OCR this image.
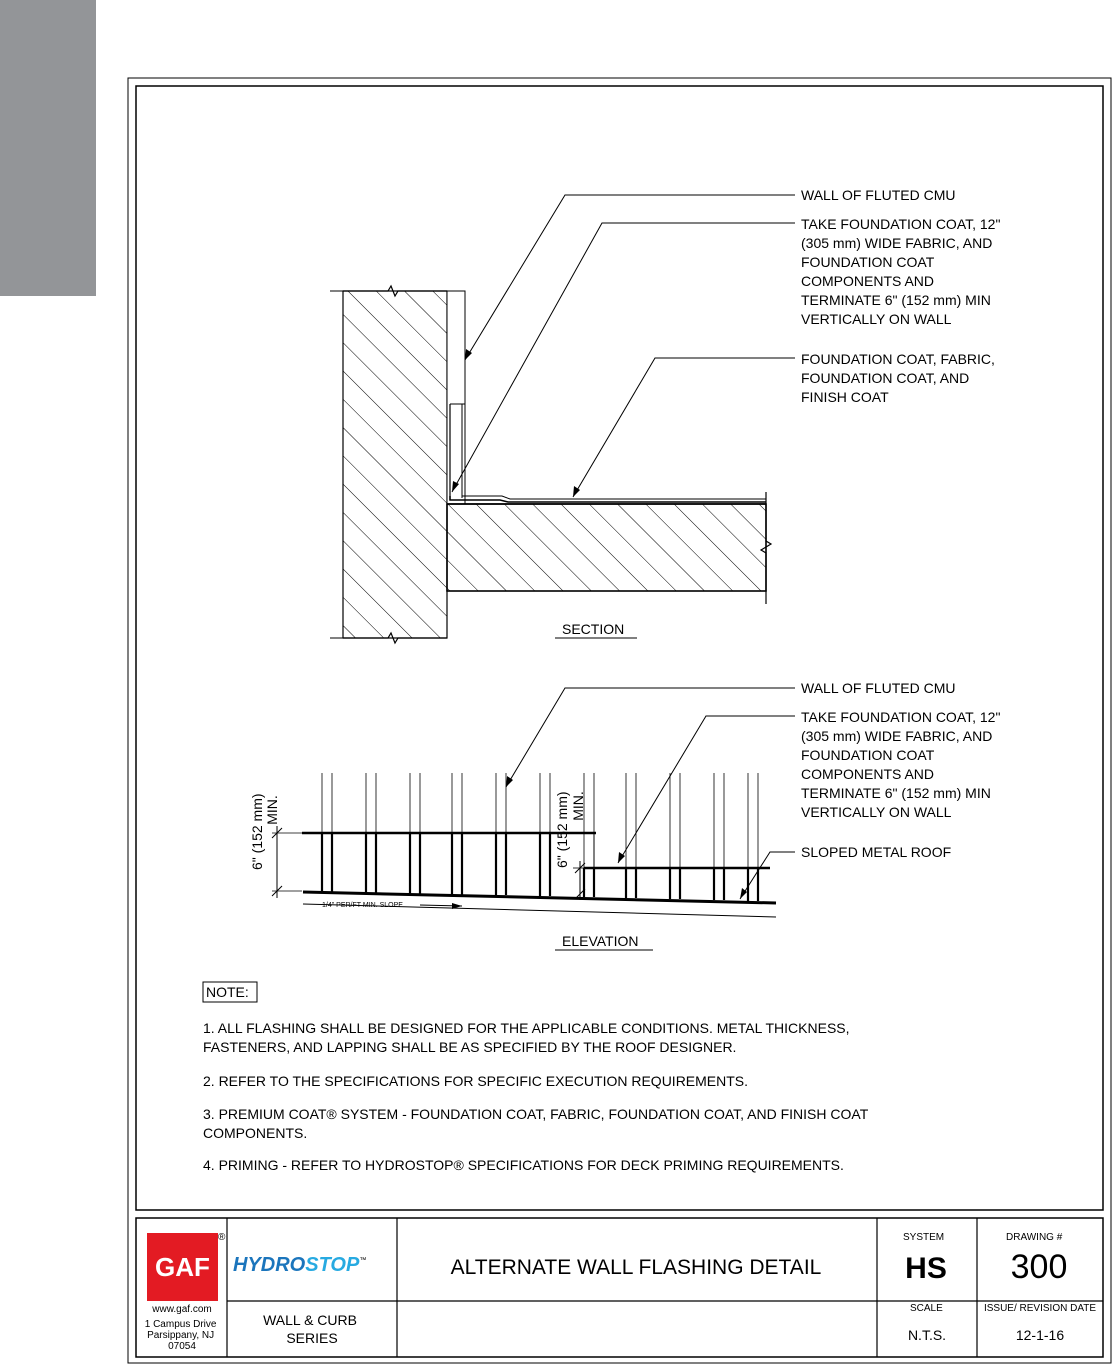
WALL OF FLUTED CMU
TAKE FOUNDATION COAT, 12" (305 mm) WIDE FABRIC, AND FOUNDATION COAT COMPONENTS AND TERMINATE 6" (152 mm) MIN VERTICALLY ON WALL
FOUNDATION COAT, FABRIC, FOUNDATION COAT, AND FINISH COAT
SECTION
6" (152 mm) MIN.	6" (152 mm) MIN.
1/4" PER/FT MIN. SLOPE
WALL OF FLUTED CMU
TAKE FOUNDATION COAT, 12" (305 mm) WIDE FABRIC, AND FOUNDATION COAT COMPONENTS AND TERMINATE 6" (152 mm) MIN VERTICALLY ON WALL
SLOPED METAL ROOF
ELEVATION
NOTE:
1. ALL FLASHING SHALL BE DESIGNED FOR THE APPLICABLE CONDITIONS. METAL THICKNESS, FASTENERS, AND LAPPING SHALL BE AS SPECIFIED BY THE ROOF DESIGNER.
2. REFER TO THE SPECIFICATIONS FOR SPECIFIC EXECUTION REQUIREMENTS.
3. PREMIUM COAT® SYSTEM - FOUNDATION COAT, FABRIC, FOUNDATION COAT, AND FINISH COAT COMPONENTS.
4. PRIMING - REFER TO HYDROSTOP® SPECIFICATIONS FOR DECK PRIMING REQUIREMENTS.
GAF
®
www.gaf.com
1 Campus Drive Parsippany, NJ 07054
HYDROSTOP™
WALL & CURB SERIES
ALTERNATE WALL FLASHING DETAIL
SYSTEM
HS
DRAWING #
300
SCALE
N.T.S.
ISSUE/ REVISION DATE
12-1-16
